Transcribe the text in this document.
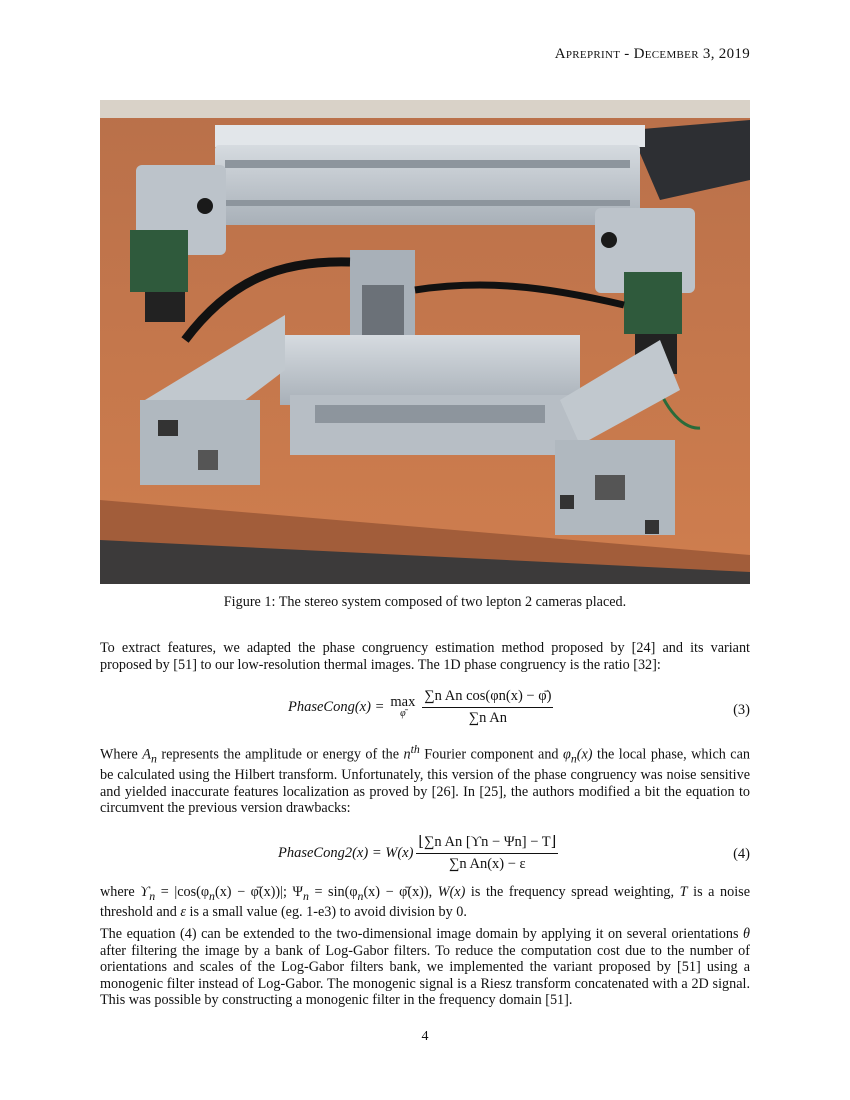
Apreprint - December 3, 2019
Figure 1: The stereo system composed of two lepton 2 cameras placed.

To extract features, we adapted the phase congruency estimation method proposed by [24] and its variant proposed by [51] to our low-resolution thermal images. The 1D phase congruency is the ratio [32]:

PhaseCong(x) = max
φ̄ $\frac{\text{∑n An cos(φn(x) − φ̄)}}{\text{∑n An}}$	(3)

Where $A_n$ represents the amplitude or energy of the $n^{th}$ Fourier component and $\varphi_n(x)$ the local phase, which can be calculated using the Hilbert transform. Unfortunately, this version of the phase congruency was noise sensitive and yielded inaccurate features localization as proved by [26]. In [25], the authors modified a bit the equation to circumvent the previous version drawbacks:

PhaseCong2(x) = $W(x) \frac{\text{⌊∑n An [ϒn − Ψn] − T⌋}}{\text{∑n An(x) − ε}}$	(4)

where $ϒ_n = |\cos(\varphi_n(x)$ − φ̄(x))|; $\Psi_n = \sin(\varphi_n(x)$ − φ̄(x)), W(x) is the frequency spread weighting, T is a noise threshold and ε is a small value (eg. 1-e3) to avoid division by 0.

The equation (4) can be extended to the two-dimensional image domain by applying it on several orientations θ after filtering the image by a bank of Log-Gabor filters. To reduce the computation cost due to the number of orientations and scales of the Log-Gabor filters bank, we implemented the variant proposed by [51] using a monogenic filter instead of Log-Gabor. The monogenic signal is a Riesz transform concatenated with a 2D signal. This was possible by constructing a monogenic filter in the frequency domain [51].

4
